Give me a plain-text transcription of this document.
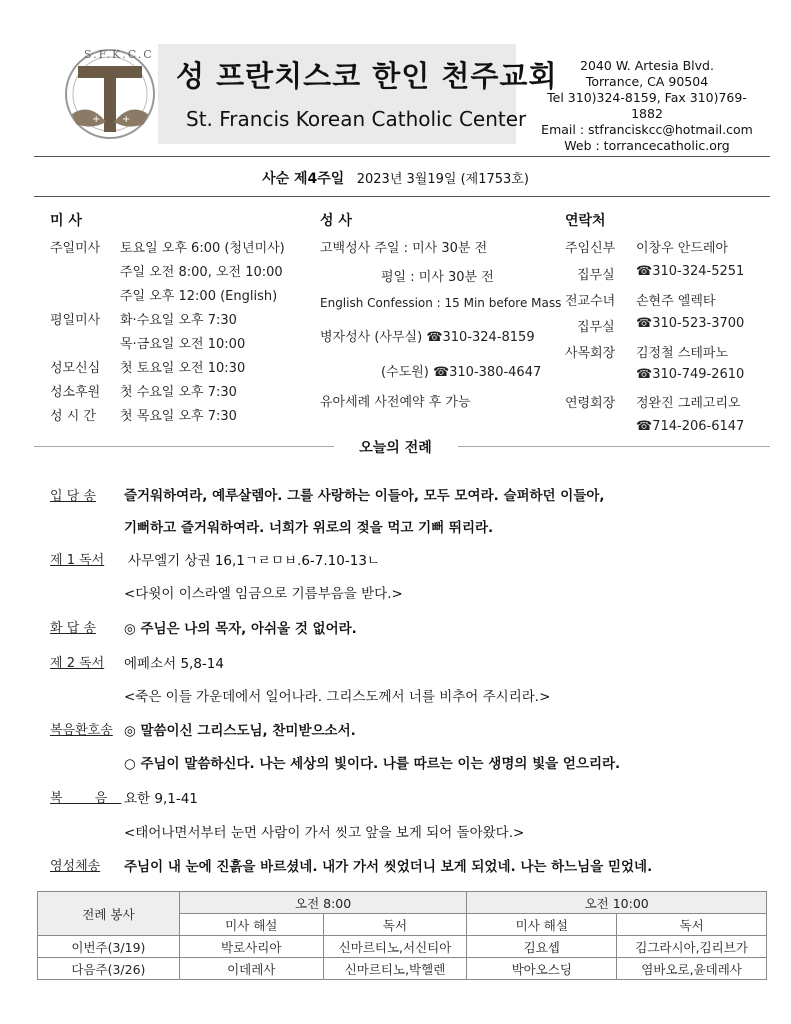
+ +
S.F.K.C.C
성 프란치스코 한인 천주교회
St. Francis Korean Catholic Center
2040 W. Artesia Blvd.
Torrance, CA 90504
Tel 310)324-8159, Fax 310)769-1882
Email : stfranciskcc@hotmail.com
Web : torrancecatholic.org
사순 제4주일 2023년 3월19일 (제1753호)
미 사
주일미사 토요일 오후 6:00 (청년미사)
주일 오전 8:00, 오전 10:00
주일 오후 12:00 (English)
평일미사 화·수요일 오후 7:30
목·금요일 오전 10:00
성모신심 첫 토요일 오전 10:30
성소후원 첫 수요일 오후 7:30
성 시 간 첫 목요일 오후 7:30
성 사
고백성사 주일 : 미사 30분 전
평일 : 미사 30분 전
English Confession : 15 Min before Mass
병자성사 (사무실) ☎310-324-8159
(수도원) ☎310-380-4647
유아세례 사전예약 후 가능
연락처
주임신부 이창우 안드레아
집무실 ☎310-324-5251
전교수녀 손현주 엘렉타
집무실 ☎310-523-3700
사목회장 김정철 스테파노
☎310-749-2610
연령회장 정완진 그레고리오
☎714-206-6147
오늘의 전례
입 당 송 즐거워하여라, 예루살렘아. 그를 사랑하는 이들아, 모두 모여라. 슬퍼하던 이들아,
기뻐하고 즐거워하여라. 너희가 위로의 젖을 먹고 기뻐 뛰리라.
제 1 독서 사무엘기 상권 16,1ㄱㄹㅁㅂ.6-7.10-13ㄴ
<다윗이 이스라엘 임금으로 기름부음을 받다.>
화 답 송 ◎ 주님은 나의 목자, 아쉬울 것 없어라.
제 2 독서 에페소서 5,8-14
<죽은 이들 가운데에서 일어나라. 그리스도께서 너를 비추어 주시리라.>
복음환호송 ◎ 말씀이신 그리스도님, 찬미받으소서.
○ 주님이 말씀하신다. 나는 세상의 빛이다. 나를 따르는 이는 생명의 빛을 얻으리라.
복 음 요한 9,1-41
<태어나면서부터 눈먼 사람이 가서 씻고 앞을 보게 되어 돌아왔다.>
영성체송 주님이 내 눈에 진흙을 바르셨네. 내가 가서 씻었더니 보게 되었네. 나는 하느님을 믿었네.
전례 봉사	오전 8:00		오전 10:00	
	미사 해설	독서	미사 해설	독서
이번주(3/19)	박로사리아	신마르티노,서신티아	김요셉	김그라시아,김리브가
다음주(3/26)	이데레사	신마르티노,박헬렌	박아오스딩	염바오로,윤데레사
